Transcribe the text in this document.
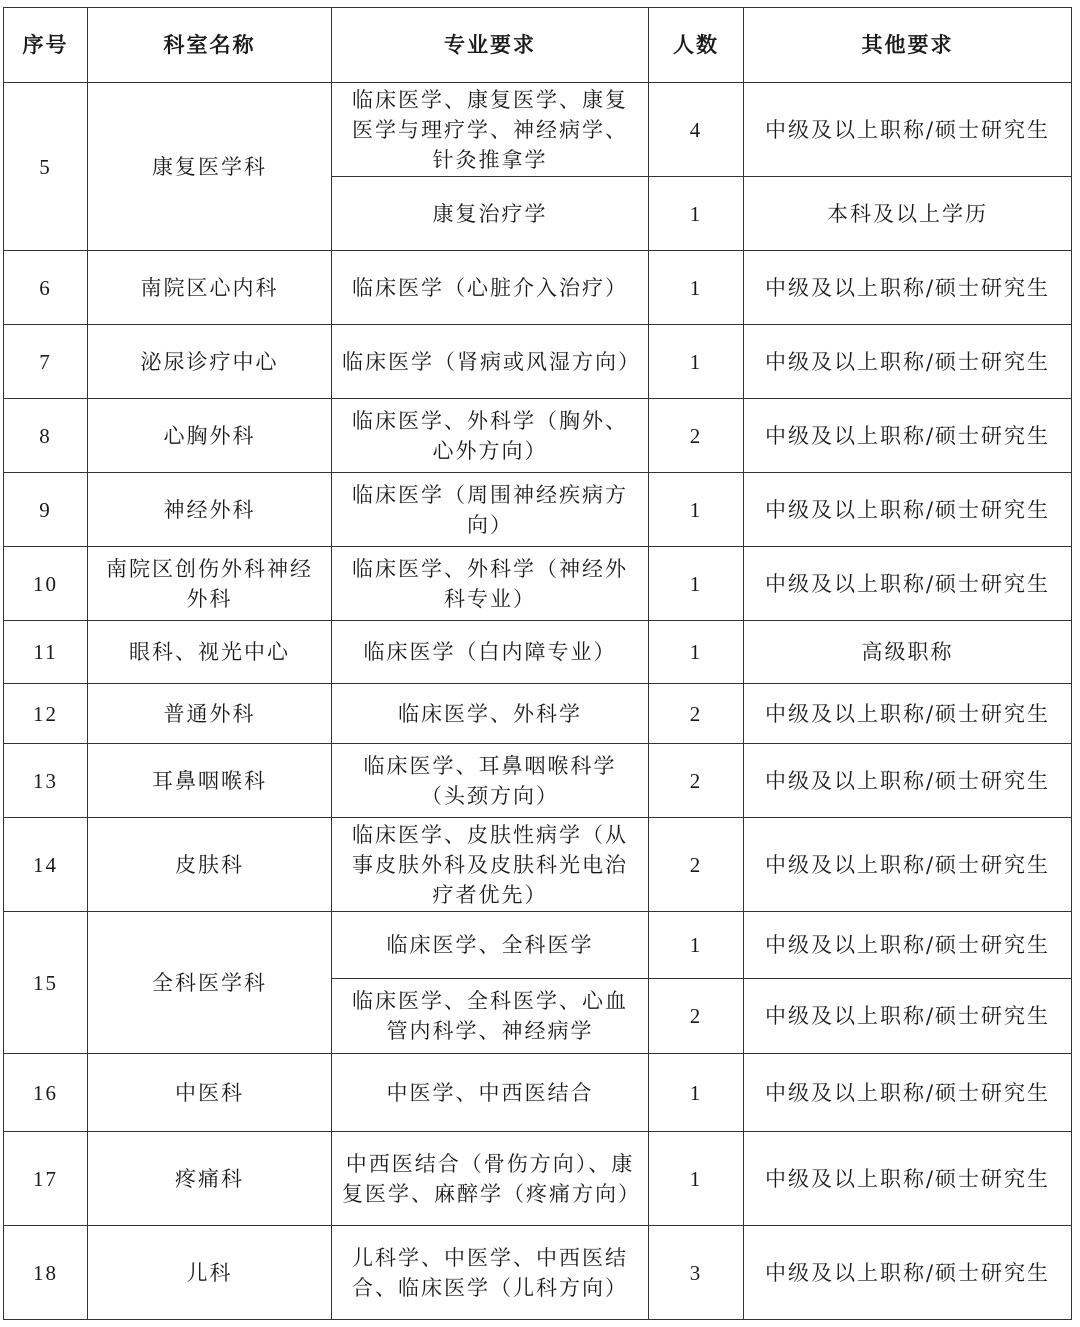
序号	科室名称	专业要求	人数	其他要求
5	康复医学科	临床医学、康复医学、康复医学与理疗学、神经病学、针灸推拿学	4	中级及以上职称/硕士研究生
		康复治疗学	1	本科及以上学历
6	南院区心内科	临床医学（心脏介入治疗）	1	中级及以上职称/硕士研究生
7	泌尿诊疗中心	临床医学（肾病或风湿方向）	1	中级及以上职称/硕士研究生
8	心胸外科	临床医学、外科学（胸外、心外方向）	2	中级及以上职称/硕士研究生
9	神经外科	临床医学（周围神经疾病方向）	1	中级及以上职称/硕士研究生
10	南院区创伤外科神经外科	临床医学、外科学（神经外科专业）	1	中级及以上职称/硕士研究生
11	眼科、视光中心	临床医学（白内障专业）	1	高级职称
12	普通外科	临床医学、外科学	2	中级及以上职称/硕士研究生
13	耳鼻咽喉科	临床医学、耳鼻咽喉科学（头颈方向）	2	中级及以上职称/硕士研究生
14	皮肤科	临床医学、皮肤性病学（从事皮肤外科及皮肤科光电治疗者优先）	2	中级及以上职称/硕士研究生
15	全科医学科	临床医学、全科医学	1	中级及以上职称/硕士研究生
		临床医学、全科医学、心血管内科学、神经病学	2	中级及以上职称/硕士研究生
16	中医科	中医学、中西医结合	1	中级及以上职称/硕士研究生
17	疼痛科	中西医结合（骨伤方向）、康复医学、麻醉学（疼痛方向）	1	中级及以上职称/硕士研究生
18	儿科	儿科学、中医学、中西医结合、临床医学（儿科方向）	3	中级及以上职称/硕士研究生
